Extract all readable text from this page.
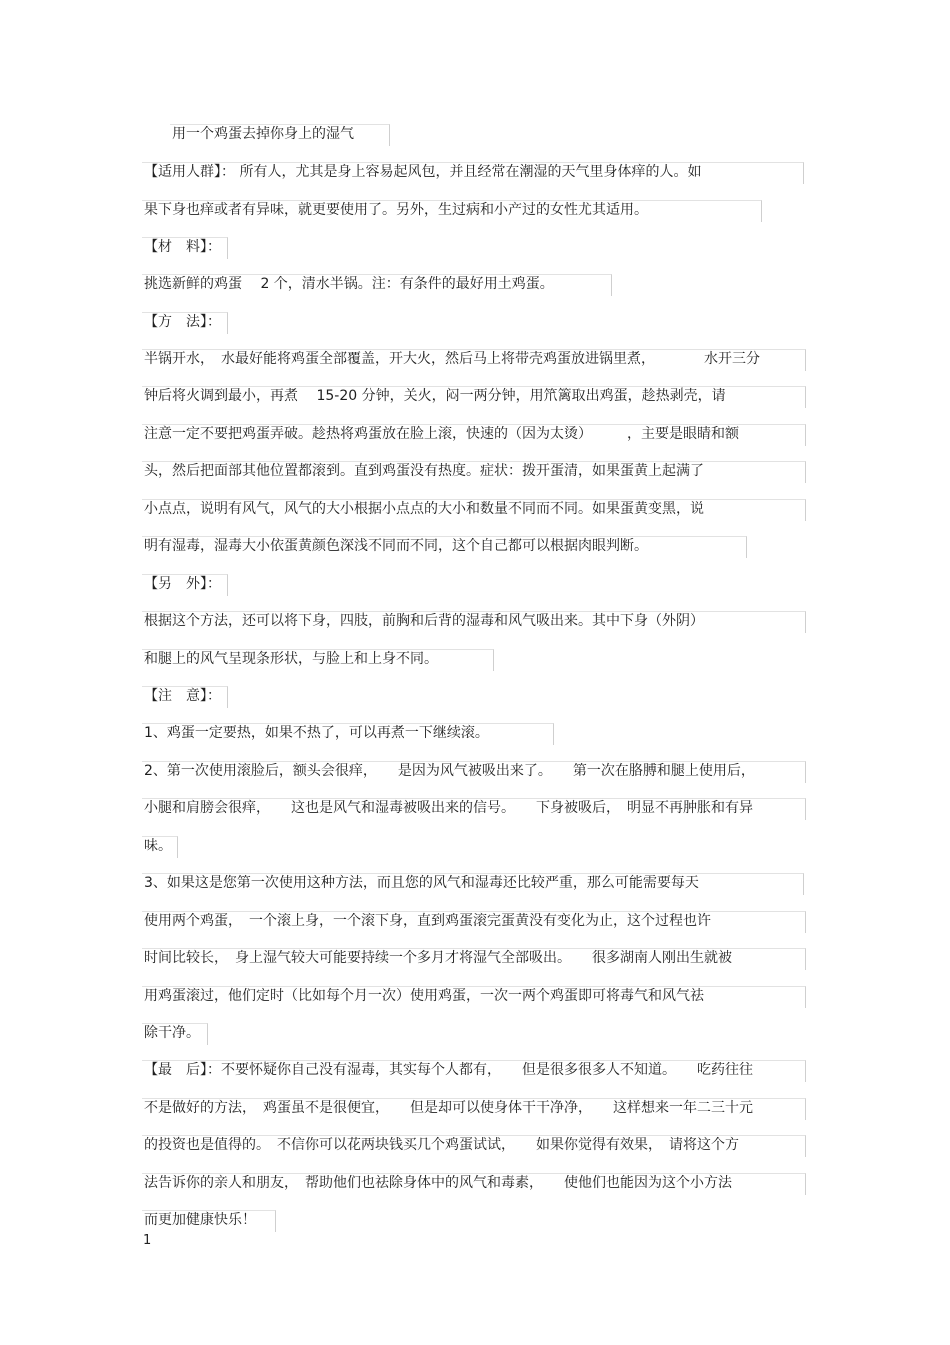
用一个鸡蛋去掉你身上的湿气
【适用人群】： 所有人，尤其是身上容易起风包，并且经常在潮湿的天气里身体痒的人。如
果下身也痒或者有异味，就更要使用了。另外，生过病和小产过的女性尤其适用。
【材　料】：
挑选新鲜的鸡蛋　 2 个，清水半锅。注：有条件的最好用土鸡蛋。
【方　法】：
半锅开水，　水最好能将鸡蛋全部覆盖，开大火，然后马上将带壳鸡蛋放进锅里煮，　　　　水开三分
钟后将火调到最小，再煮　 15-20 分钟，关火，闷一两分钟，用笊篱取出鸡蛋，趁热剥壳，请
注意一定不要把鸡蛋弄破。趁热将鸡蛋放在脸上滚，快速的（因为太烫）　　　，主要是眼睛和额
头，然后把面部其他位置都滚到。直到鸡蛋没有热度。症状：拨开蛋清，如果蛋黄上起满了
小点点，说明有风气，风气的大小根据小点点的大小和数量不同而不同。如果蛋黄变黑，说
明有湿毒，湿毒大小依蛋黄颜色深浅不同而不同，这个自己都可以根据肉眼判断。
【另　外】：
根据这个方法，还可以将下身，四肢，前胸和后背的湿毒和风气吸出来。其中下身（外阴）
和腿上的风气呈现条形状，与脸上和上身不同。
【注　意】：
1、鸡蛋一定要热，如果不热了，可以再煮一下继续滚。
2、第一次使用滚脸后，额头会很痒，　　是因为风气被吸出来了。　　第一次在胳膊和腿上使用后，
小腿和肩膀会很痒，　　这也是风气和湿毒被吸出来的信号。　　下身被吸后，　明显不再肿胀和有异
味。
3、如果这是您第一次使用这种方法，而且您的风气和湿毒还比较严重，那么可能需要每天
使用两个鸡蛋，　一个滚上身，一个滚下身，直到鸡蛋滚完蛋黄没有变化为止，这个过程也许
时间比较长，　身上湿气较大可能要持续一个多月才将湿气全部吸出。　　很多湖南人刚出生就被
用鸡蛋滚过，他们定时（比如每个月一次）使用鸡蛋，一次一两个鸡蛋即可将毒气和风气祛
除干净。
【最　后】：不要怀疑你自己没有湿毒，其实每个人都有，　　但是很多很多人不知道。　　吃药往往
不是做好的方法，　鸡蛋虽不是很便宜，　　但是却可以使身体干干净净，　　这样想来一年二三十元
的投资也是值得的。　不信你可以花两块钱买几个鸡蛋试试，　　如果你觉得有效果，　请将这个方
法告诉你的亲人和朋友，　帮助他们也祛除身体中的风气和毒素，　　使他们也能因为这个小方法
而更加健康快乐！
1
